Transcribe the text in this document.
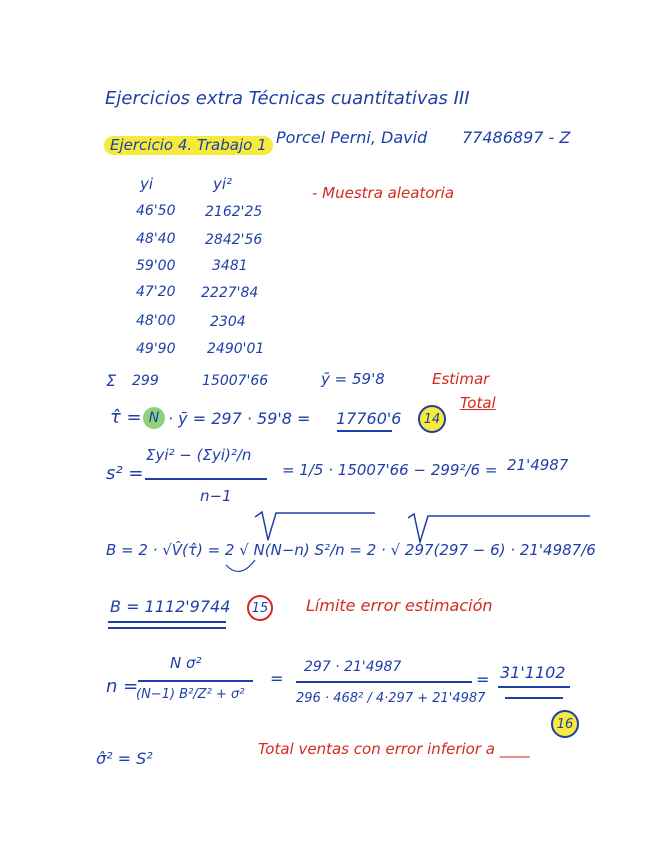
Ejercicios extra Técnicas cuantitativas III
Ejercicio 4. Trabajo 1 Porcel Perni, David 77486897 - Z
yi	yi²	- Muestra aleatoria
46'50 2162'25
48'40 2842'56
59'00	3481
47'20 2227'84
48'00 2304
49'90 2490'01
Σ 299	15007'66	ȳ = 59'8	Estimar
Total
τ̂ = N · ȳ = 297 · 59'8 = 17760'6	14
s² =
Σyi² − (Σyi)²/n
n−1
= 1/5 · 15007'66 − 299²/6 = 21'4987
B = 2 · √V̂(τ̂) = 2 √ N(N−n) S²/n = 2 · √ 297(297 − 6) · 21'4987/6
B = 1112'9744	15 Límite error estimación
n =
N σ²
(N−1) B²/Z² + σ²
=
297 · 21'4987
296 · 468² / 4·297 + 21'4987
= 31'1102
16
σ̂² = S²	Total ventas con error inferior a ____
